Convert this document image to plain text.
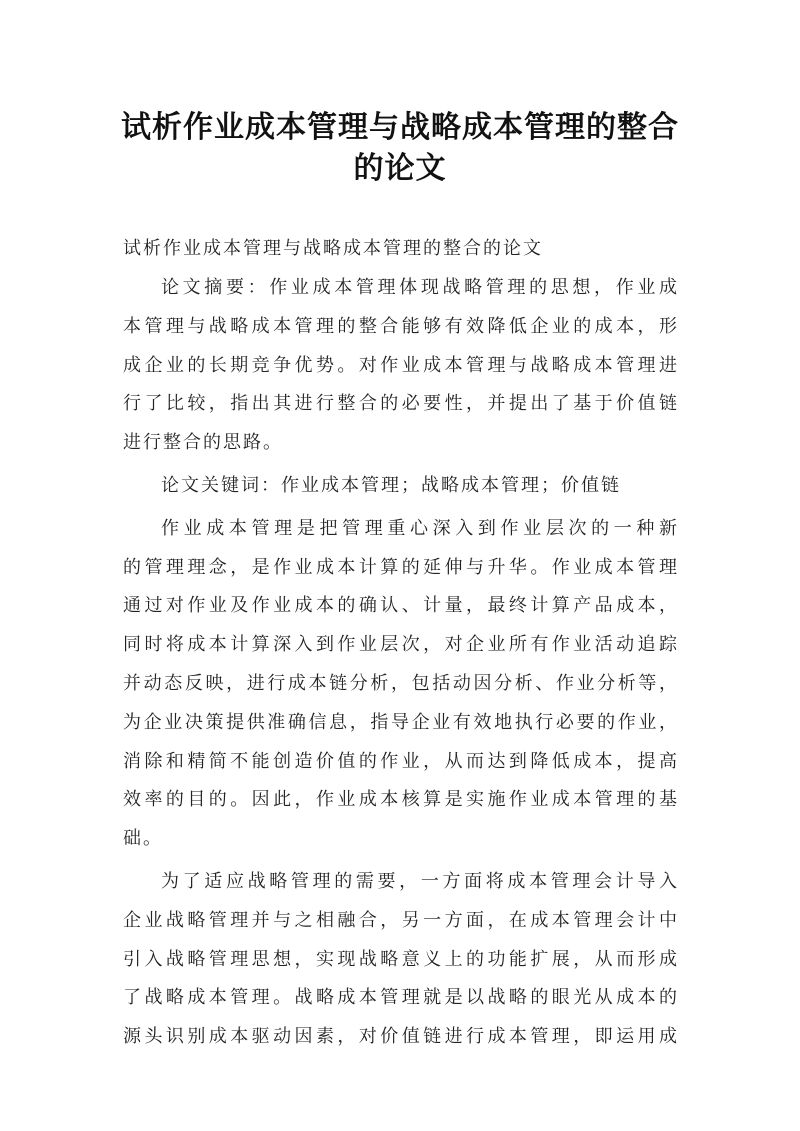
试析作业成本管理与战略成本管理的整合
的论文
试析作业成本管理与战略成本管理的整合的论文
论文摘要：作业成本管理体现战略管理的思想，作业成
本管理与战略成本管理的整合能够有效降低企业的成本，形
成企业的长期竞争优势。对作业成本管理与战略成本管理进
行了比较，指出其进行整合的必要性，并提出了基于价值链
进行整合的思路。
论文关键词：作业成本管理；战略成本管理；价值链
作业成本管理是把管理重心深入到作业层次的一种新
的管理理念，是作业成本计算的延伸与升华。作业成本管理
通过对作业及作业成本的确认、计量，最终计算产品成本，
同时将成本计算深入到作业层次，对企业所有作业活动追踪
并动态反映，进行成本链分析，包括动因分析、作业分析等，
为企业决策提供准确信息，指导企业有效地执行必要的作业，
消除和精简不能创造价值的作业，从而达到降低成本，提高
效率的目的。因此，作业成本核算是实施作业成本管理的基
础。
为了适应战略管理的需要，一方面将成本管理会计导入
企业战略管理并与之相融合，另一方面，在成本管理会计中
引入战略管理思想，实现战略意义上的功能扩展，从而形成
了战略成本管理。战略成本管理就是以战略的眼光从成本的
源头识别成本驱动因素，对价值链进行成本管理，即运用成
